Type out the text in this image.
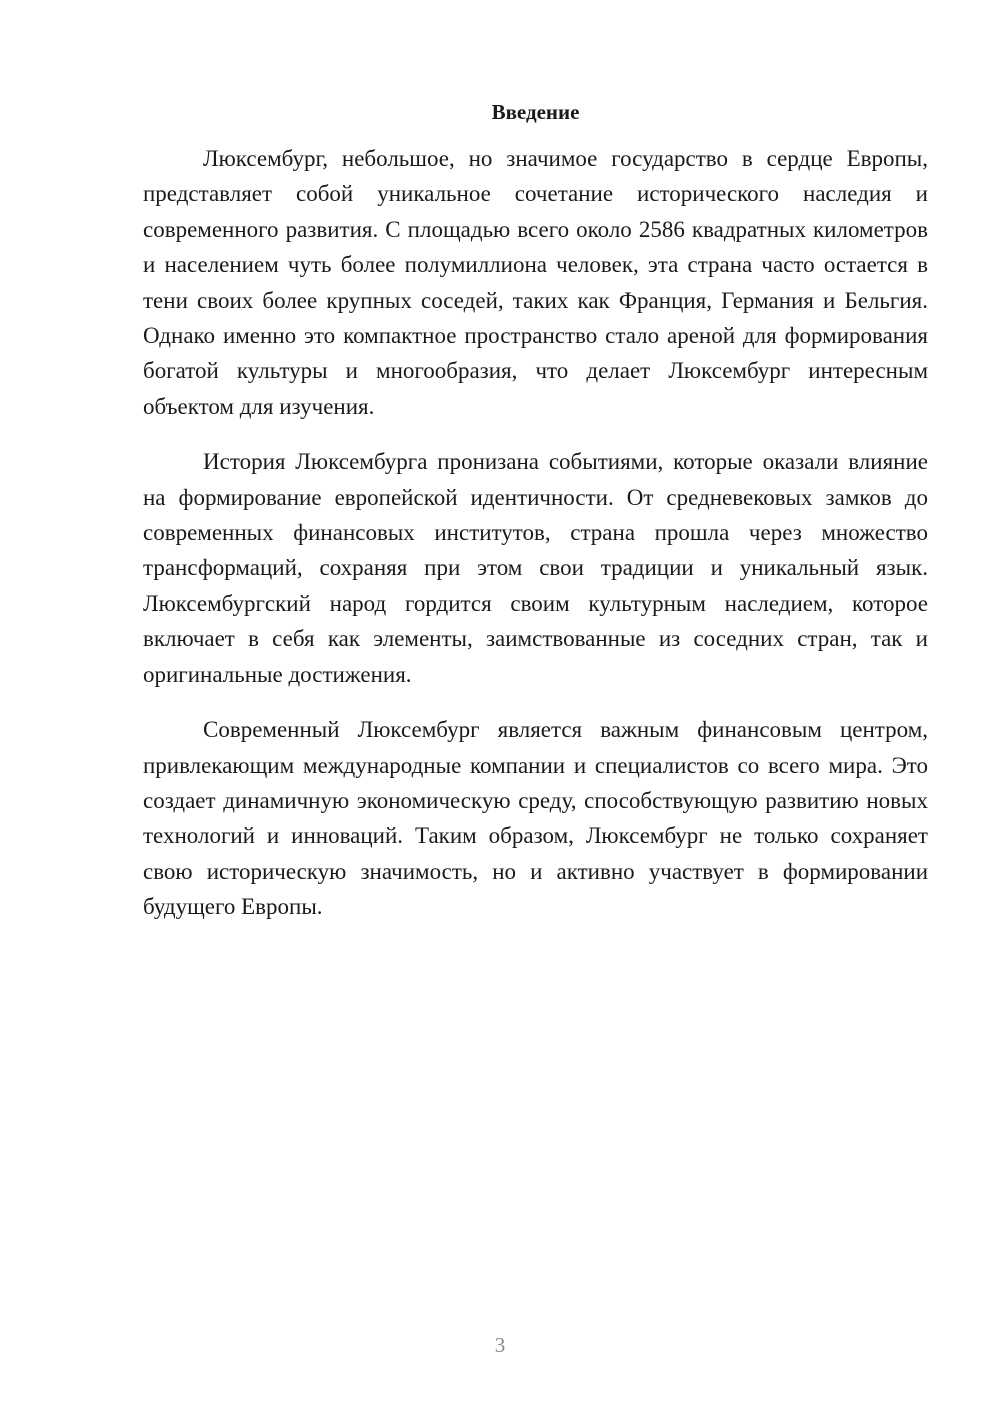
Введение

Люксембург, небольшое, но значимое государство в сердце Европы, представляет собой уникальное сочетание исторического наследия и современного развития. С площадью всего около 2586 квадратных километров и населением чуть более полумиллиона человек, эта страна часто остается в тени своих более крупных соседей, таких как Франция, Германия и Бельгия. Однако именно это компактное пространство стало ареной для формирования богатой культуры и многообразия, что делает Люксембург интересным объектом для изучения.

История Люксембурга пронизана событиями, которые оказали влияние на формирование европейской идентичности. От средневековых замков до современных финансовых институтов, страна прошла через множество трансформаций, сохраняя при этом свои традиции и уникальный язык. Люксембургский народ гордится своим культурным наследием, которое включает в себя как элементы, заимствованные из соседних стран, так и оригинальные достижения.

Современный Люксембург является важным финансовым центром, привлекающим международные компании и специалистов со всего мира. Это создает динамичную экономическую среду, способствующую развитию новых технологий и инноваций. Таким образом, Люксембург не только сохраняет свою историческую значимость, но и активно участвует в формировании будущего Европы.

3
